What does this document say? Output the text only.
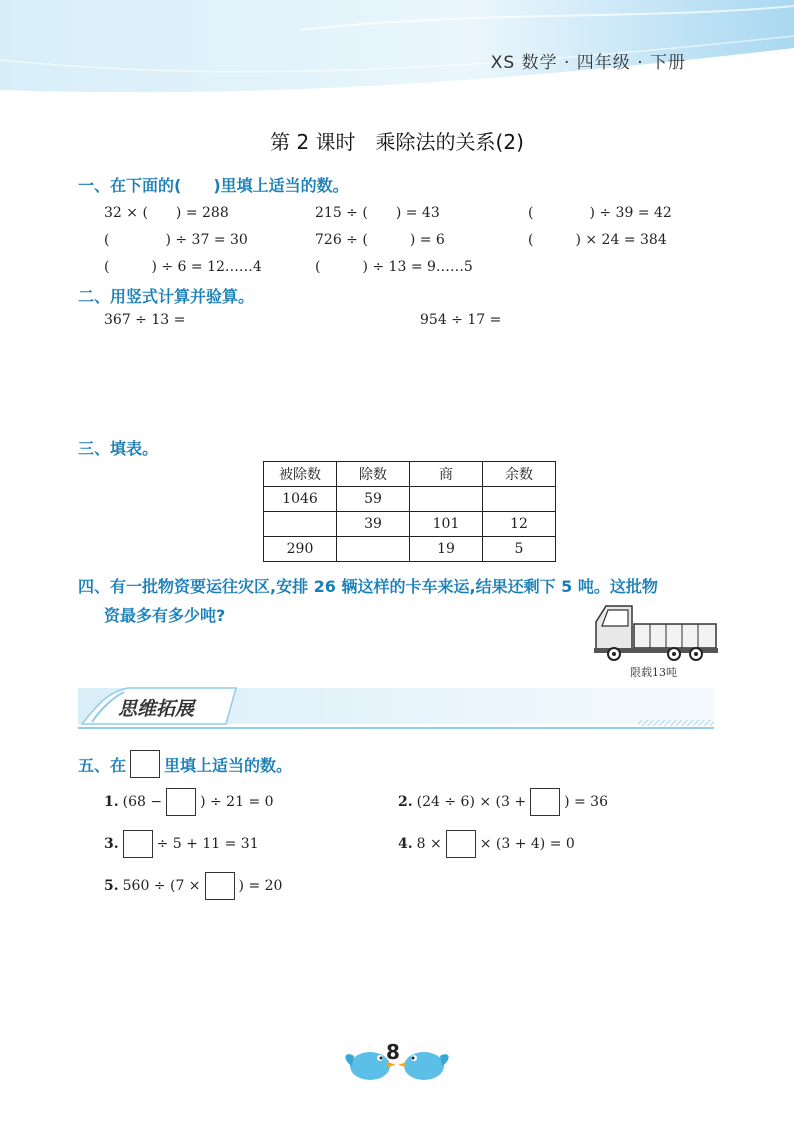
XS 数学 · 四年级 · 下册
第 2 课时　乘除法的关系(2)
一、在下面的(　　)里填上适当的数。
32 × (　　) = 288	215 ÷ (　　) = 43	(　　　　) ÷ 39 = 42
(　　　　) ÷ 37 = 30	726 ÷ (　　　) = 6	(　　　) × 24 = 384
(　　　) ÷ 6 = 12……4	(　　　) ÷ 13 = 9……5
二、用竖式计算并验算。
367 ÷ 13 =	954 ÷ 17 =
三、填表。
被除数	除数	商	余数
1046	59		
	39	101	12
290		19	5
四、有一批物资要运往灾区,安排 26 辆这样的卡车来运,结果还剩下 5 吨。这批物
资最多有多少吨?
限载13吨
思维拓展
五、在 里填上适当的数。
1. (68 −	) ÷ 21 = 0	2. (24 ÷ 6) × (3 +	) = 36
3.	÷ 5 + 11 = 31	4. 8 ×	× (3 + 4) = 0
5. 560 ÷ (7 ×	) = 20
8
